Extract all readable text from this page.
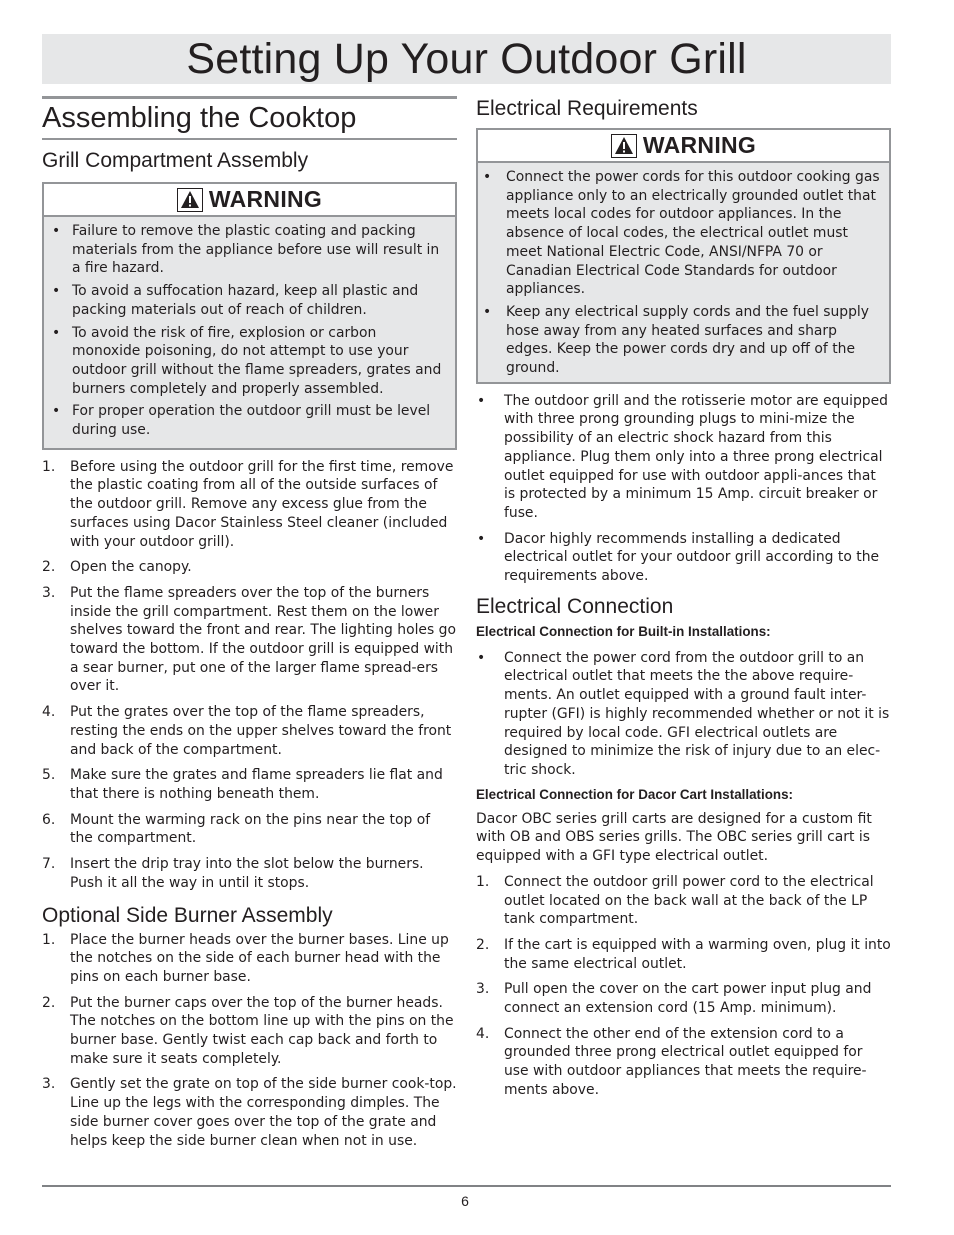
Setting Up Your Outdoor Grill
Assembling the Cooktop
Grill Compartment Assembly
WARNING
• Failure to remove the plastic coating and packing materials from the appliance before use will result in a fire hazard.
• To avoid a suffocation hazard, keep all plastic and packing materials out of reach of children.
• To avoid the risk of fire, explosion or carbon monoxide poisoning, do not attempt to use your outdoor grill without the flame spreaders, grates and burners completely and properly assembled.
• For proper operation the outdoor grill must be level during use.
1. Before using the outdoor grill for the first time, remove the plastic coating from all of the outside surfaces of the outdoor grill. Remove any excess glue from the surfaces using Dacor Stainless Steel cleaner (included with your outdoor grill).
2. Open the canopy.
3. Put the flame spreaders over the top of the burners inside the grill compartment. Rest them on the lower shelves toward the front and rear. The lighting holes go toward the bottom. If the outdoor grill is equipped with a sear burner, put one of the larger flame spread-ers over it.
4. Put the grates over the top of the flame spreaders, resting the ends on the upper shelves toward the front and back of the compartment.
5. Make sure the grates and flame spreaders lie flat and that there is nothing beneath them.
6. Mount the warming rack on the pins near the top of the compartment.
7. Insert the drip tray into the slot below the burners. Push it all the way in until it stops.
Optional Side Burner Assembly
1. Place the burner heads over the burner bases. Line up the notches on the side of each burner head with the pins on each burner base.
2. Put the burner caps over the top of the burner heads. The notches on the bottom line up with the pins on the burner base. Gently twist each cap back and forth to make sure it seats completely.
3. Gently set the grate on top of the side burner cook-top. Line up the legs with the corresponding dimples. The side burner cover goes over the top of the grate and helps keep the side burner clean when not in use.
Electrical Requirements
WARNING
• Connect the power cords for this outdoor cooking gas appliance only to an electrically grounded outlet that meets local codes for outdoor appliances. In the absence of local codes, the electrical outlet must meet National Electric Code, ANSI/NFPA 70 or Canadian Electrical Code Standards for outdoor appliances.
• Keep any electrical supply cords and the fuel supply hose away from any heated surfaces and sharp edges. Keep the power cords dry and up off of the ground.
• The outdoor grill and the rotisserie motor are equipped with three prong grounding plugs to mini-mize the possibility of an electric shock hazard from this appliance. Plug them only into a three prong electrical outlet equipped for use with outdoor appli-ances that is protected by a minimum 15 Amp. circuit breaker or fuse.
• Dacor highly recommends installing a dedicated electrical outlet for your outdoor grill according to the requirements above.
Electrical Connection
Electrical Connection for Built-in Installations:
• Connect the power cord from the outdoor grill to an electrical outlet that meets the the above require-ments. An outlet equipped with a ground fault inter-rupter (GFI) is highly recommended whether or not it is required by local code. GFI electrical outlets are designed to minimize the risk of injury due to an elec-tric shock.
Electrical Connection for Dacor Cart Installations:

Dacor OBC series grill carts are designed for a custom fit with OB and OBS series grills. The OBC series grill cart is equipped with a GFI type electrical outlet.

1. Connect the outdoor grill power cord to the electrical outlet located on the back wall at the back of the LP tank compartment.
2. If the cart is equipped with a warming oven, plug it into the same electrical outlet.
3. Pull open the cover on the cart power input plug and connect an extension cord (15 Amp. minimum).
4. Connect the other end of the extension cord to a grounded three prong electrical outlet equipped for use with outdoor appliances that meets the require-ments above.
6
